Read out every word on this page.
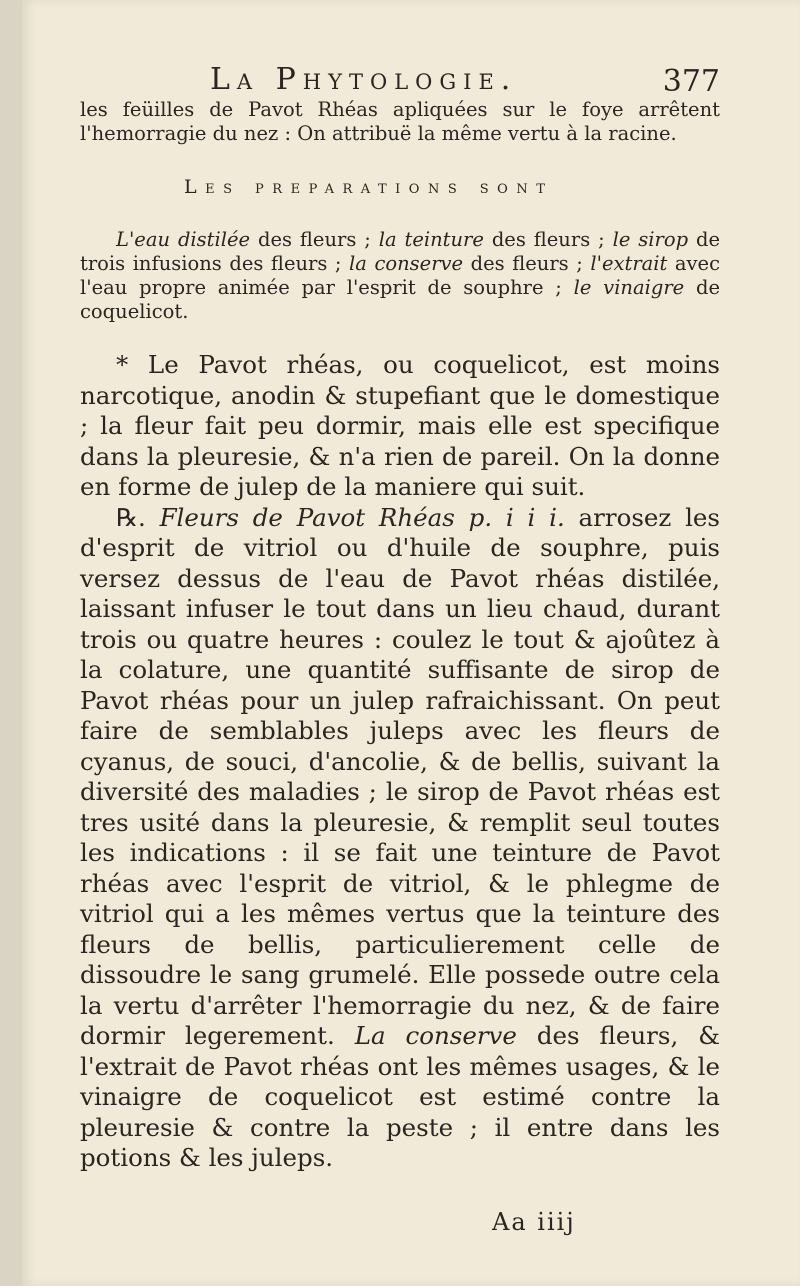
La Phytologie.	377

les feüilles de Pavot Rhéas apliquées sur le foye arrêtent l'hemorragie du nez : On attribuë la même vertu à la racine.

Les preparations sont

L'eau distilée des fleurs ; la teinture des fleurs ; le sirop de trois infusions des fleurs ; la conserve des fleurs ; l'extrait avec l'eau propre animée par l'esprit de souphre ; le vinaigre de coquelicot.

* Le Pavot rhéas, ou coquelicot, est moins narcotique, anodin & stupefiant que le domestique ; la fleur fait peu dormir, mais elle est specifique dans la pleuresie, & n'a rien de pareil. On la donne en forme de julep de la maniere qui suit.

℞. Fleurs de Pavot Rhéas p. i i i. arrosez les d'esprit de vitriol ou d'huile de souphre, puis versez dessus de l'eau de Pavot rhéas distilée, laissant infuser le tout dans un lieu chaud, durant trois ou quatre heures : coulez le tout & ajoûtez à la colature, une quantité suffisante de sirop de Pavot rhéas pour un julep rafraichissant. On peut faire de semblables juleps avec les fleurs de cyanus, de souci, d'ancolie, & de bellis, suivant la diversité des maladies ; le sirop de Pavot rhéas est tres usité dans la pleuresie, & remplit seul toutes les indications : il se fait une teinture de Pavot rhéas avec l'esprit de vitriol, & le phlegme de vitriol qui a les mêmes vertus que la teinture des fleurs de bellis, particulierement celle de dissoudre le sang grumelé. Elle possede outre cela la vertu d'arrêter l'hemorragie du nez, & de faire dormir legerement. La conserve des fleurs, & l'extrait de Pavot rhéas ont les mêmes usages, & le vinaigre de coquelicot est estimé contre la pleuresie & contre la peste ; il entre dans les potions & les juleps.

Aa iiij
